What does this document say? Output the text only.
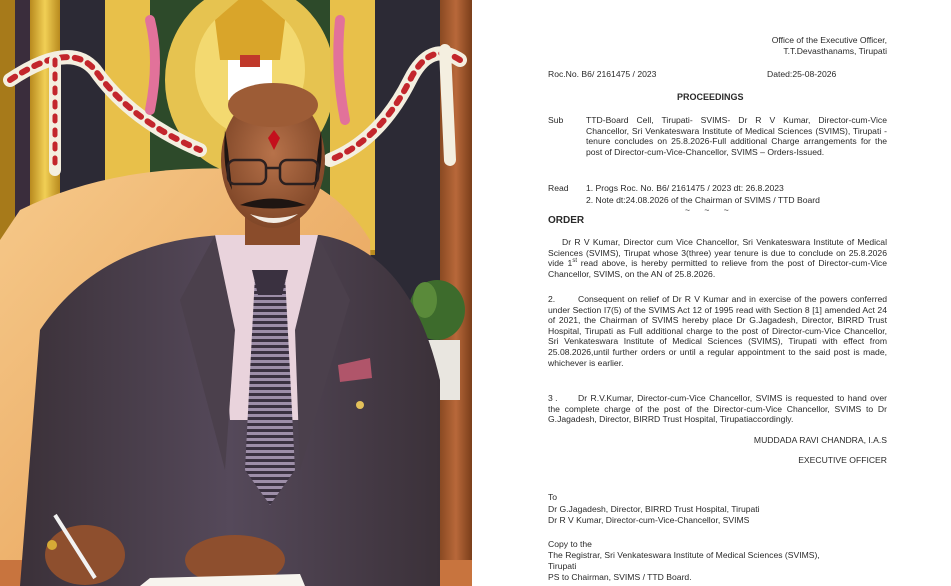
Office of the Executive Officer,

T.T.Devasthanams, Tirupati

Roc.No. B6/ 2161475 / 2023	Dated:25-08-2026

PROCEEDINGS

Sub	TTD-Board Cell, Tirupati- SVIMS- Dr R V Kumar, Director-cum-Vice Chancellor, Sri Venkateswara Institute of Medical Sciences (SVIMS), Tirupati -tenure concludes on 25.8.2026-Full additional Charge arrangements for the post of Director-cum-Vice-Chancellor, SVIMS – Orders-Issued.

Read 1. Progs Roc. No. B6/ 2161475 / 2023 dt: 26.8.2023

2. Note dt:24.08.2026 of the Chairman of SVIMS / TTD Board

~ ~ ~

ORDER

Dr R V Kumar, Director cum Vice Chancellor, Sri Venkateswara Institute of Medical Sciences (SVIMS), Tirupat whose 3(three) year tenure is due to conclude on 25.8.2026 vide 1st read above, is hereby permitted to relieve from the post of Director-cum-Vice Chancellor, SVIMS, on the AN of 25.8.2026.

2.	Consequent on relief of Dr R V Kumar and in exercise of the powers conferred under Section I7(5) of the SVIMS Act 12 of 1995 read with Section 8 [1] amended Act 24 of 2021, the Chairman of SVIMS hereby place Dr G.Jagadesh, Director, BIRRD Trust Hospital, Tirupati as Full additional charge to the post of Director-cum-Vice Chancellor, Sri Venkateswara Institute of Medical Sciences (SVIMS), Tirupati with effect from 25.08.2026,until further orders or until a regular appointment to the said post is made, whichever is earlier.

3 . Dr R.V.Kumar, Director-cum-Vice Chancellor, SVIMS is requested to hand over the complete charge of the post of the Director-cum-Vice Chancellor, SVIMS to Dr G.Jagadesh, Director, BIRRD Trust Hospital, Tirupatiaccordingly.

MUDDADA RAVI CHANDRA, I.A.S

EXECUTIVE OFFICER

To

Dr G.Jagadesh, Director, BIRRD Trust Hospital, Tirupati

Dr R V Kumar, Director-cum-Vice-Chancellor, SVIMS

Copy to the

The Registrar, Sri Venkateswara Institute of Medical Sciences (SVIMS),

Tirupati

PS to Chairman, SVIMS / TTD Board.
